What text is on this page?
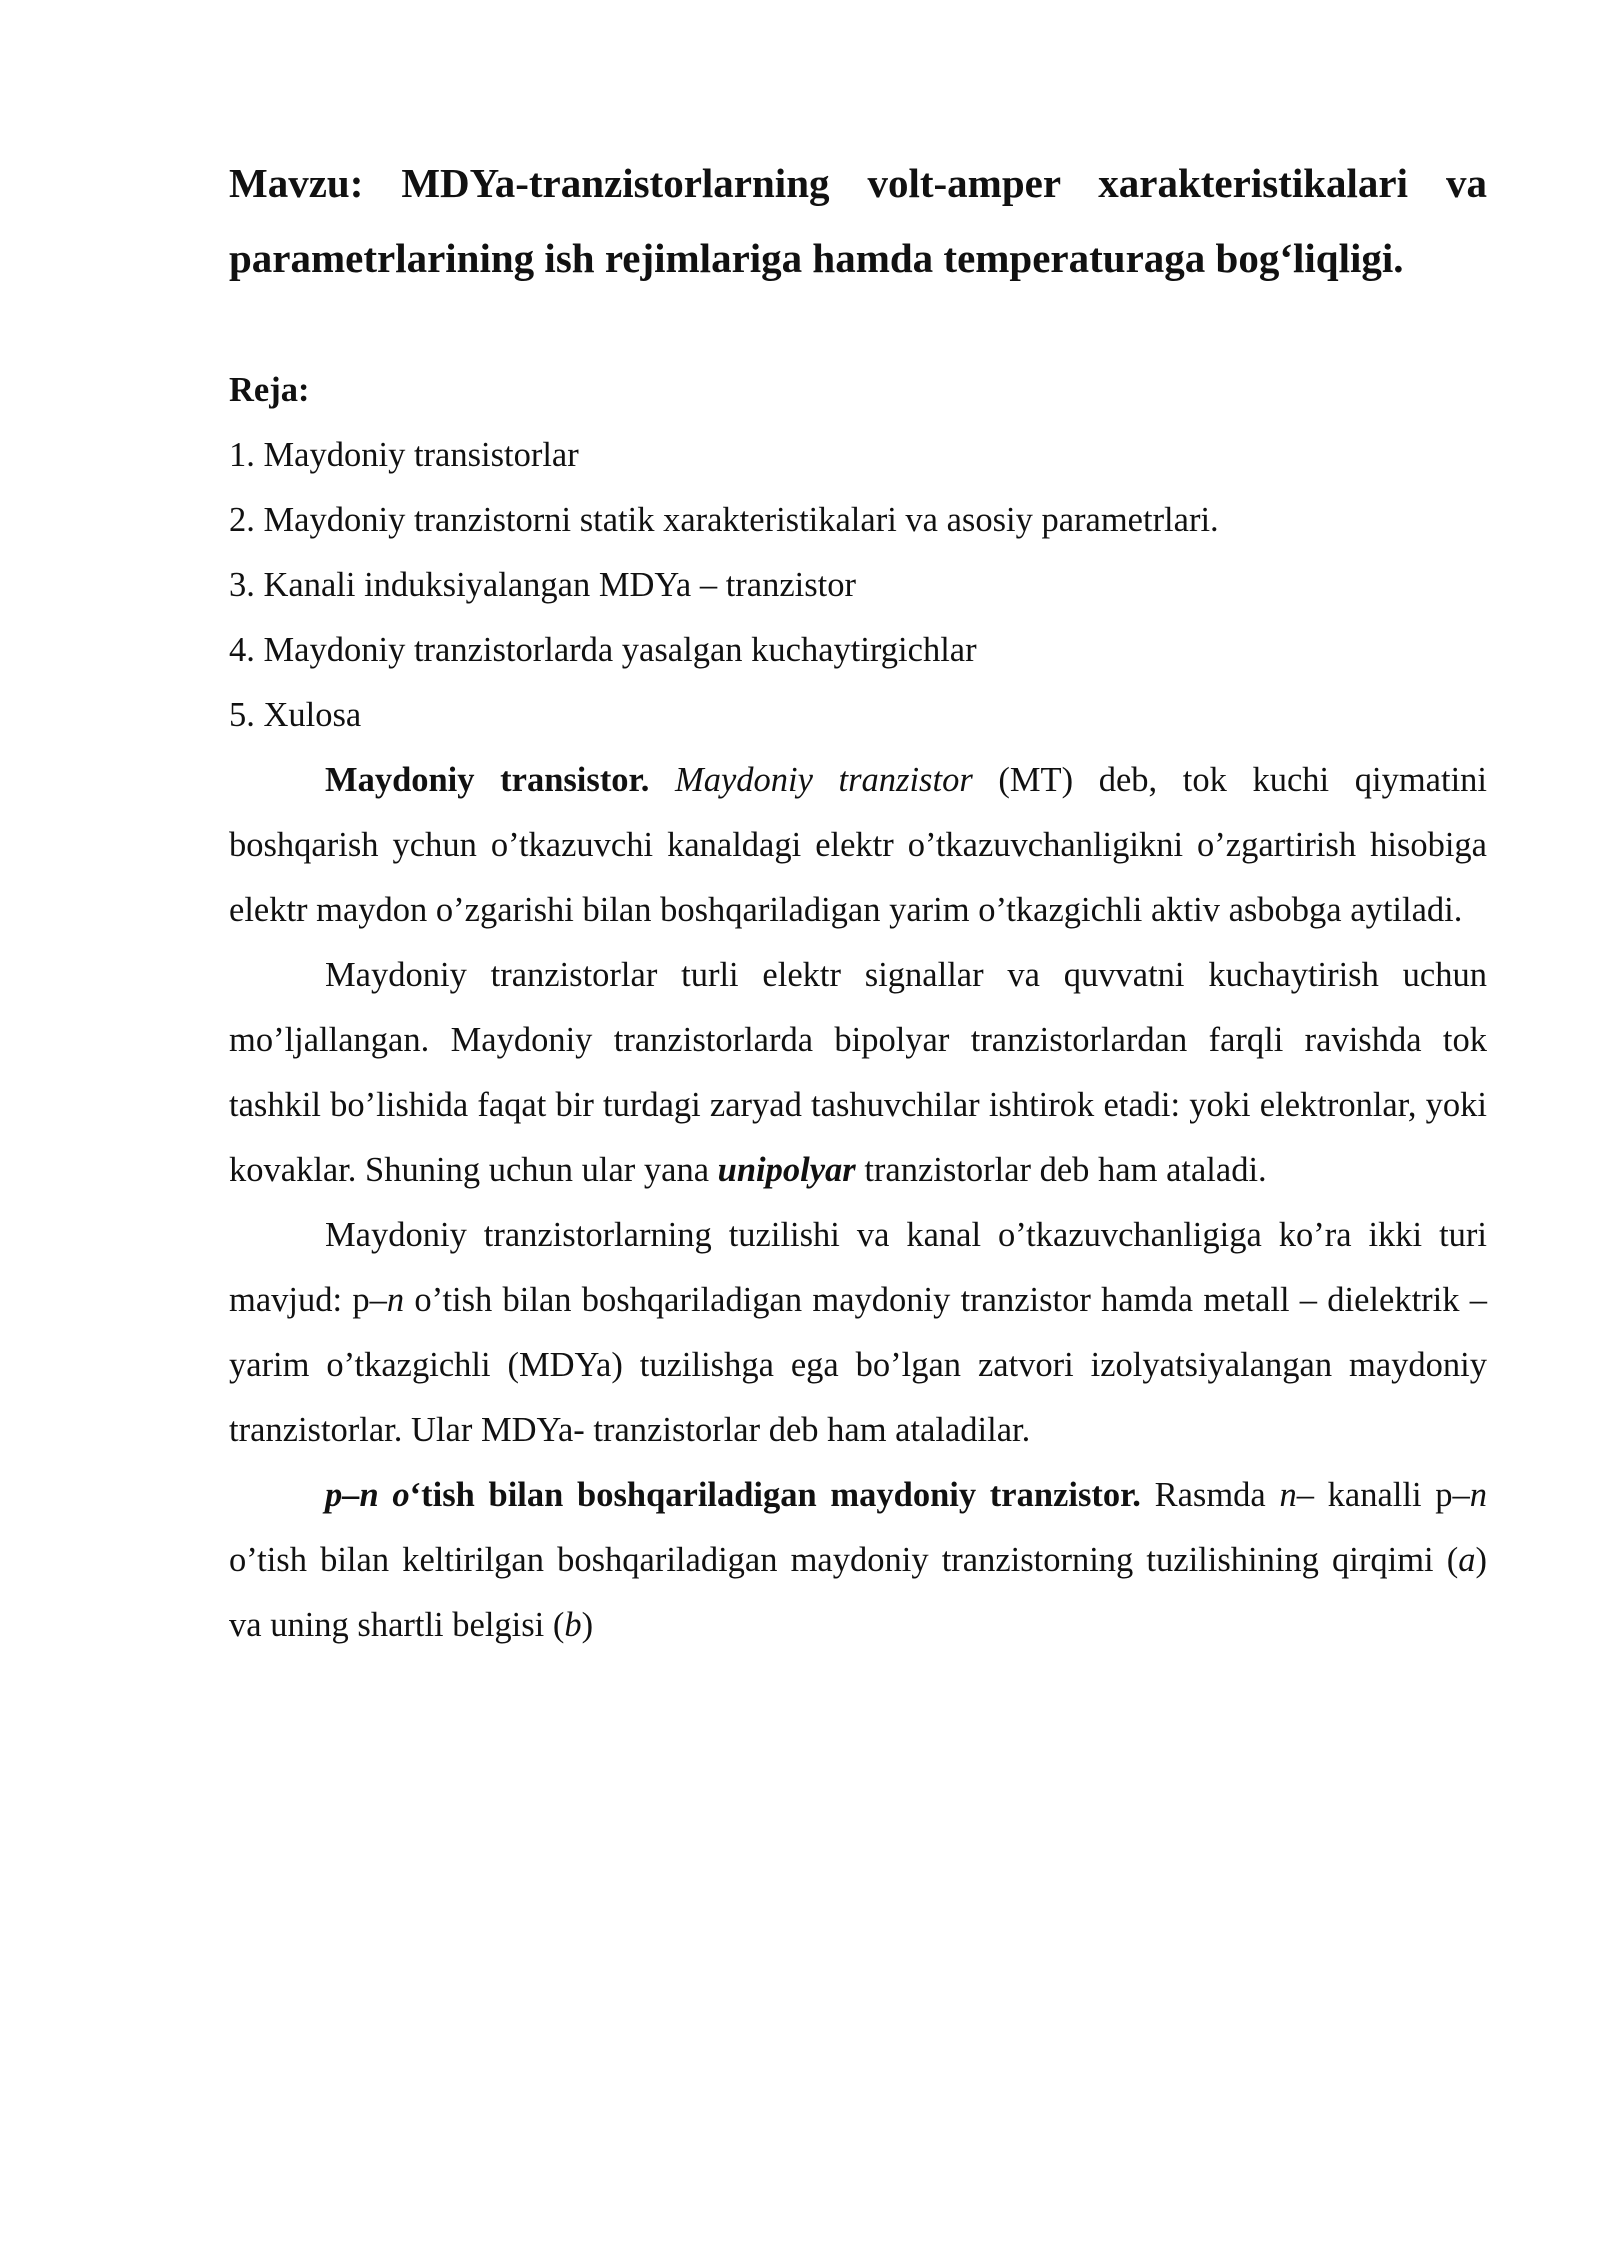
Mavzu: MDYa-tranzistorlarning volt-amper xarakteristikalari va parametrlarining ish rejimlariga hamda temperaturaga bog‘liqligi.

Reja:

1. Maydoniy transistorlar

2. Maydoniy tranzistorni statik xarakteristikalari va asosiy parametrlari.

3. Kanali induksiyalangan MDYa – tranzistor

4. Maydoniy tranzistorlarda yasalgan kuchaytirgichlar

5. Xulosa

Maydoniy transistor. Maydoniy tranzistor (MT) deb, tok kuchi qiymatini boshqarish ychun o’tkazuvchi kanaldagi elektr o’tkazuvchanligikni o’zgartirish hisobiga elektr maydon o’zgarishi bilan boshqariladigan yarim o’tkazgichli aktiv asbobga aytiladi.

Maydoniy tranzistorlar turli elektr signallar va quvvatni kuchaytirish uchun mo’ljallangan. Maydoniy tranzistorlarda bipolyar tranzistorlardan farqli ravishda tok tashkil bo’lishida faqat bir turdagi zaryad tashuvchilar ishtirok etadi: yoki elektronlar, yoki kovaklar. Shuning uchun ular yana unipolyar tranzistorlar deb ham ataladi.

Maydoniy tranzistorlarning tuzilishi va kanal o’tkazuvchanligiga ko’ra ikki turi mavjud: p–n o’tish bilan boshqariladigan maydoniy tranzistor hamda metall – dielektrik – yarim o’tkazgichli (MDYa) tuzilishga ega bo’lgan zatvori izolyatsiyalangan maydoniy tranzistorlar. Ular MDYa- tranzistorlar deb ham ataladilar.

p–n o‘tish bilan boshqariladigan maydoniy tranzistor. Rasmda n– kanalli p–n o’tish bilan keltirilgan boshqariladigan maydoniy tranzistorning tuzilishining qirqimi (a) va uning shartli belgisi (b)
